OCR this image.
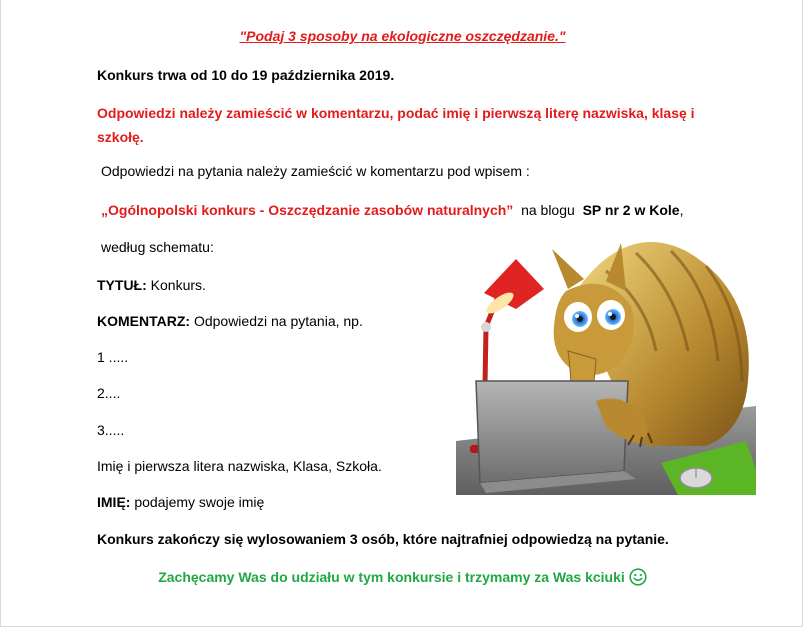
"Podaj 3 sposoby na ekologiczne oszczędzanie."
Konkurs trwa od 10 do 19 października 2019.
Odpowiedzi należy zamieścić w komentarzu, podać imię i pierwszą literę nazwiska, klasę i
szkołę.
Odpowiedzi na pytania należy zamieścić w komentarzu pod wpisem :
„Ogólnopolski konkurs - Oszczędzanie zasobów naturalnych” na blogu SP nr 2 w Kole,
według schematu:
TYTUŁ: Konkurs.
KOMENTARZ: Odpowiedzi na pytania, np.
1 .....
2....
3.....
Imię i pierwsza litera nazwiska, Klasa, Szkoła.
IMIĘ: podajemy swoje imię
Konkurs zakończy się wylosowaniem 3 osób, które najtrafniej odpowiedzą na pytanie.
Zachęcamy Was do udziału w tym konkursie i trzymamy za Was kciuki
